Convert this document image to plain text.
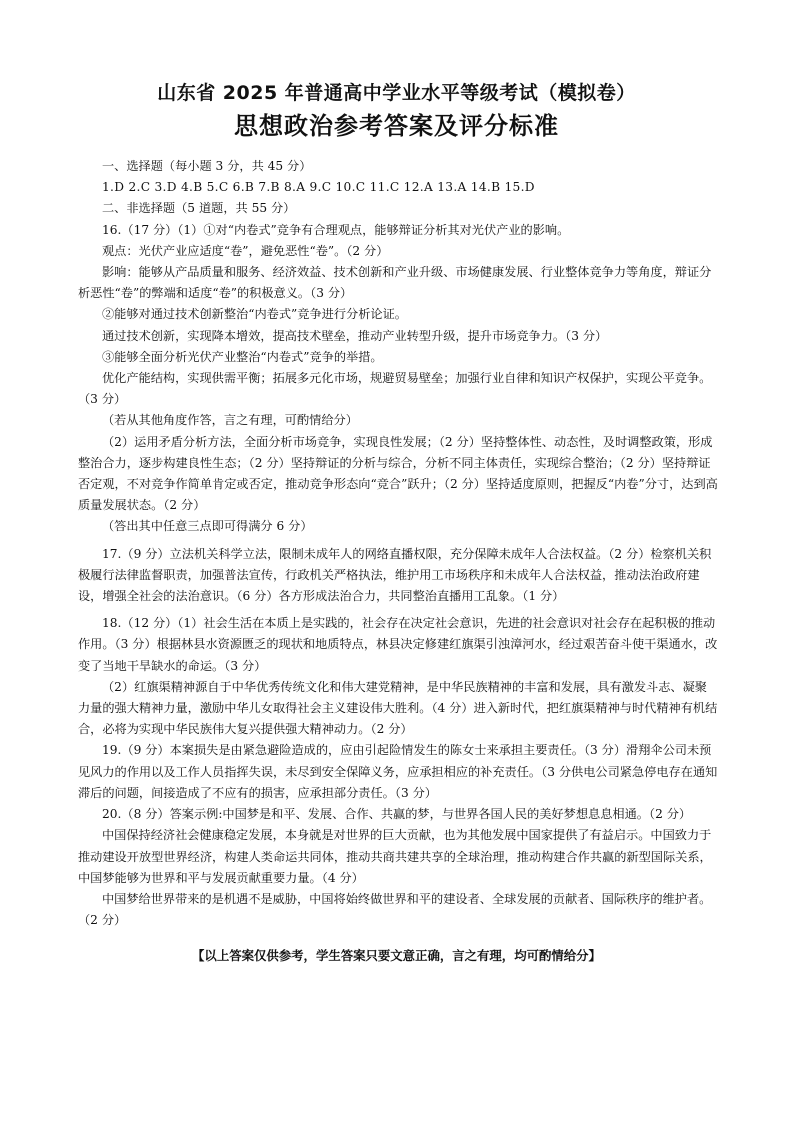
山东省 2025 年普通高中学业水平等级考试（模拟卷）
思想政治参考答案及评分标准

一、选择题（每小题 3 分，共 45 分）

1.D 2.C 3.D 4.B 5.C 6.B 7.B 8.A 9.C 10.C 11.C 12.A 13.A 14.B 15.D

二、非选择题（5 道题，共 55 分）

16.（17 分）（1）①对“内卷式”竞争有合理观点，能够辩证分析其对光伏产业的影响。

观点：光伏产业应适度“卷”，避免恶性“卷”。（2 分）

影响：能够从产品质量和服务、经济效益、技术创新和产业升级、市场健康发展、行业整体竞争力等角度，辩证分析恶性“卷”的弊端和适度“卷”的积极意义。（3 分）

②能够对通过技术创新整治“内卷式”竞争进行分析论证。

通过技术创新，实现降本增效，提高技术壁垒，推动产业转型升级，提升市场竞争力。（3 分）

③能够全面分析光伏产业整治“内卷式”竞争的举措。

优化产能结构，实现供需平衡；拓展多元化市场，规避贸易壁垒；加强行业自律和知识产权保护，实现公平竞争。（3 分）

（若从其他角度作答，言之有理，可酌情给分）

（2）运用矛盾分析方法，全面分析市场竞争，实现良性发展；（2 分）坚持整体性、动态性，及时调整政策，形成整治合力，逐步构建良性生态；（2 分）坚持辩证的分析与综合，分析不同主体责任，实现综合整治；（2 分）坚持辩证否定观，不对竞争作简单肯定或否定，推动竞争形态向“竞合”跃升；（2 分）坚持适度原则，把握反“内卷”分寸，达到高质量发展状态。（2 分）

（答出其中任意三点即可得满分 6 分）

17.（9 分）立法机关科学立法，限制未成年人的网络直播权限，充分保障未成年人合法权益。（2 分）检察机关积极履行法律监督职责，加强普法宣传，行政机关严格执法，维护用工市场秩序和未成年人合法权益，推动法治政府建设，增强全社会的法治意识。（6 分）各方形成法治合力，共同整治直播用工乱象。（1 分）

18.（12 分）（1）社会生活在本质上是实践的，社会存在决定社会意识，先进的社会意识对社会存在起积极的推动作用。（3 分）根据林县水资源匮乏的现状和地质特点，林县决定修建红旗渠引浊漳河水，经过艰苦奋斗使干渠通水，改变了当地干旱缺水的命运。（3 分）

（2）红旗渠精神源自于中华优秀传统文化和伟大建党精神，是中华民族精神的丰富和发展，具有激发斗志、凝聚力量的强大精神力量，激励中华儿女取得社会主义建设伟大胜利。（4 分）进入新时代，把红旗渠精神与时代精神有机结合，必将为实现中华民族伟大复兴提供强大精神动力。（2 分）

19.（9 分）本案损失是由紧急避险造成的，应由引起险情发生的陈女士来承担主要责任。（3 分）滑翔伞公司未预见风力的作用以及工作人员指挥失误，未尽到安全保障义务，应承担相应的补充责任。（3 分供电公司紧急停电存在通知滞后的问题，间接造成了不应有的损害，应承担部分责任。（3 分）

20.（8 分）答案示例:中国梦是和平、发展、合作、共赢的梦，与世界各国人民的美好梦想息息相通。（2 分）

中国保持经济社会健康稳定发展，本身就是对世界的巨大贡献，也为其他发展中国家提供了有益启示。中国致力于推动建设开放型世界经济，构建人类命运共同体，推动共商共建共享的全球治理，推动构建合作共赢的新型国际关系，中国梦能够为世界和平与发展贡献重要力量。（4 分）

中国梦给世界带来的是机遇不是威胁，中国将始终做世界和平的建设者、全球发展的贡献者、国际秩序的维护者。（2 分）

【以上答案仅供参考，学生答案只要文意正确，言之有理，均可酌情给分】
